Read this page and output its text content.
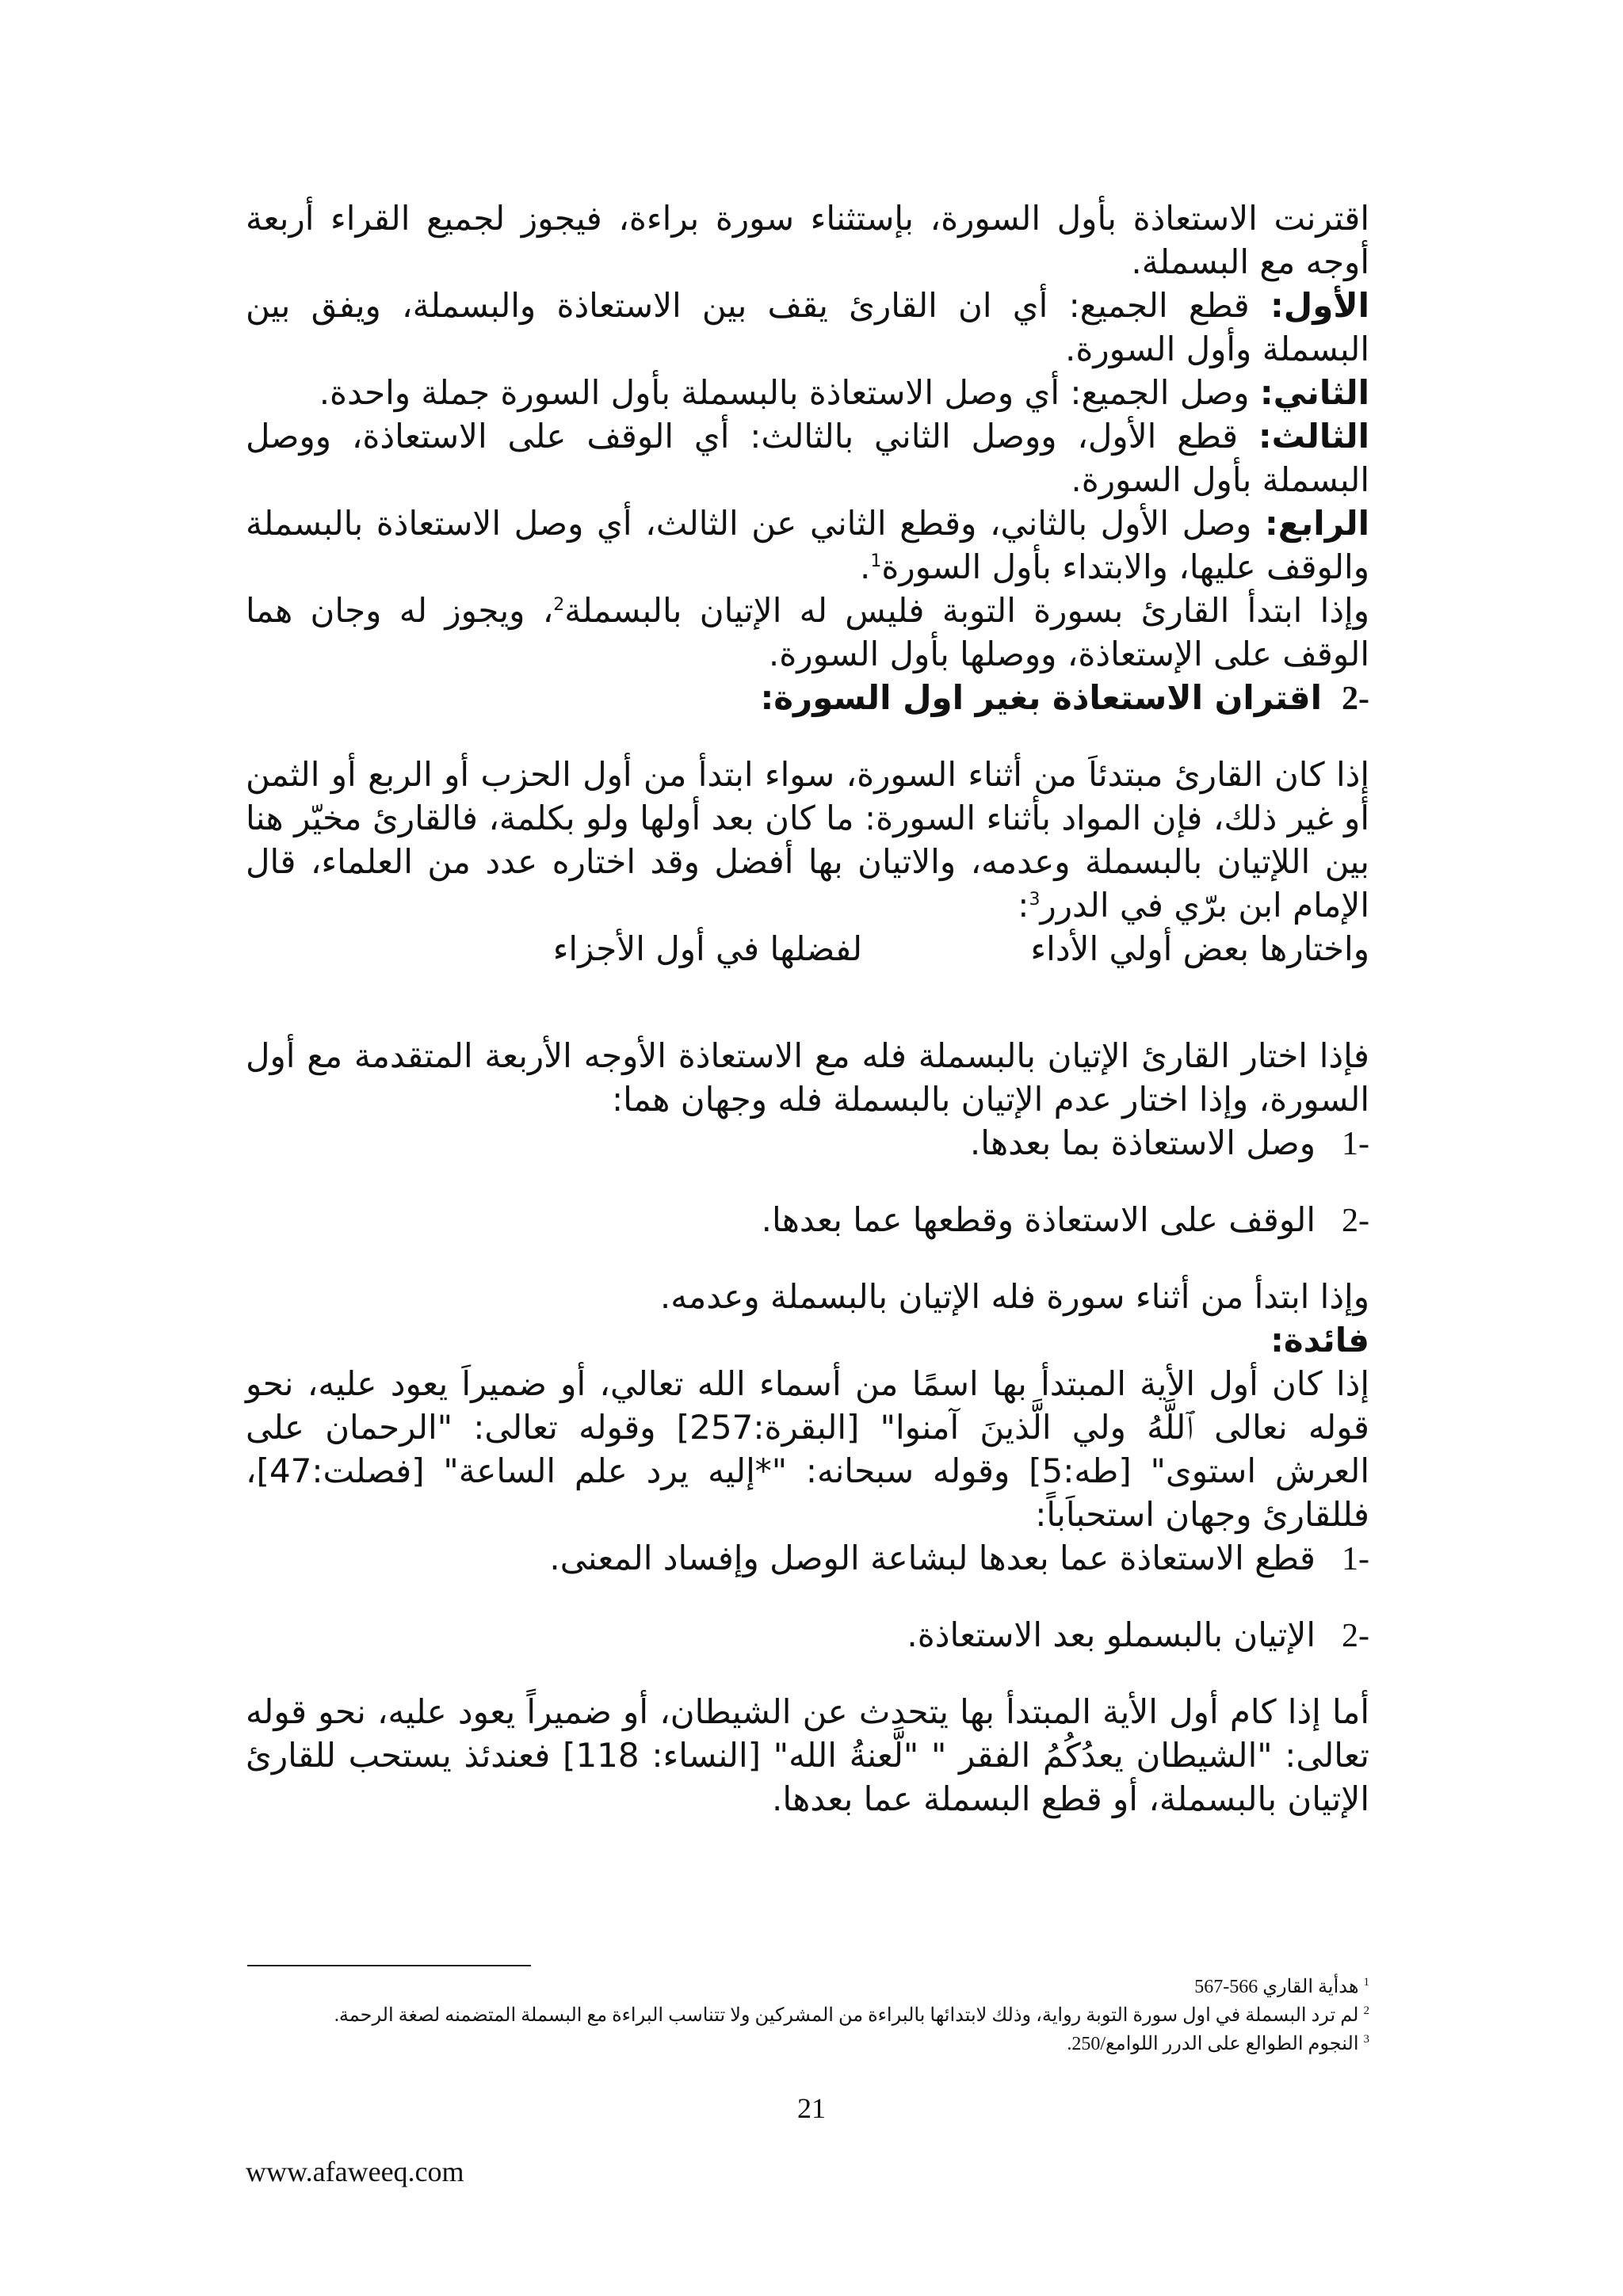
اقترنت الاستعاذة بأول السورة، بإستثناء سورة براءة، فيجوز لجميع القراء أربعة أوجه مع البسملة.

الأول: قطع الجميع: أي ان القارئ يقف بين الاستعاذة والبسملة، ويفق بين البسملة وأول السورة.

الثاني: وصل الجميع: أي وصل الاستعاذة بالبسملة بأول السورة جملة واحدة.

الثالث: قطع الأول، ووصل الثاني بالثالث: أي الوقف على الاستعاذة، ووصل البسملة بأول السورة.

الرابع: وصل الأول بالثاني، وقطع الثاني عن الثالث، أي وصل الاستعاذة بالبسملة والوقف عليها، والابتداء بأول السورة$^1$.

وإذا ابتدأ القارئ بسورة التوبة فليس له الإتيان بالبسملة$^2$، ويجوز له وجان هما الوقف على الإستعاذة، ووصلها بأول السورة.

-2اقتران الاستعاذة بغير اول السورة:

إذا كان القارئ مبتدئاَ من أثناء السورة، سواء ابتدأ من أول الحزب أو الربع أو الثمن أو غير ذلك، فإن المواد بأثناء السورة: ما كان بعد أولها ولو بكلمة، فالقارئ مخيّر هنا بين اللإتيان بالبسملة وعدمه، والاتيان بها أفضل وقد اختاره عدد من العلماء، قال الإمام ابن برّي في الدرر$^3$:

واختارها بعض أولي الأداء
لفضلها في أول الأجزاء

فإذا اختار القارئ الإتيان بالبسملة فله مع الاستعاذة الأوجه الأربعة المتقدمة مع أول السورة، وإذا اختار عدم الإتيان بالبسملة فله وجهان هما:

-1وصل الاستعاذة بما بعدها.

-2الوقف على الاستعاذة وقطعها عما بعدها.

وإذا ابتدأ من أثناء سورة فله الإتيان بالبسملة وعدمه.

فائدة:

إذا كان أول الأية المبتدأ بها اسمًا من أسماء الله تعالي، أو ضميراَ يعود عليه، نحو قوله نعالى ﭐللَّهُ ولي الَّذينَ آمنوا" [البقرة:257] وقوله تعالى: "الرحمان على العرش استوى" [طه:5] وقوله سبحانه: "*إليه يرد علم الساعة" [فصلت:47]، فللقارئ وجهان استحباَباً:

-1قطع الاستعاذة عما بعدها لبشاعة الوصل وإفساد المعنى.

-2الإتيان بالبسملو بعد الاستعاذة.

أما إذا كام أول الأية المبتدأ بها يتحدث عن الشيطان، أو ضميراً يعود عليه، نحو قوله تعالى: "الشيطان يعدُكُمُ الفقر " "لَّعنةُ الله" [النساء: 118] فعندئذ يستحب للقارئ الإتيان بالبسملة، أو قطع البسملة عما بعدها.

$^1$ هدأية القاري 566-567

$^2$ لم ترد البسملة في اول سورة التوبة رواية، وذلك لابتدائها بالبراءة من المشركين ولا تتناسب البراءة مع البسملة المتضمنه لصغة الرحمة.

$^3$ النجوم الطوالع على الدرر اللوامع/250.

21
www.afaweeq.com
